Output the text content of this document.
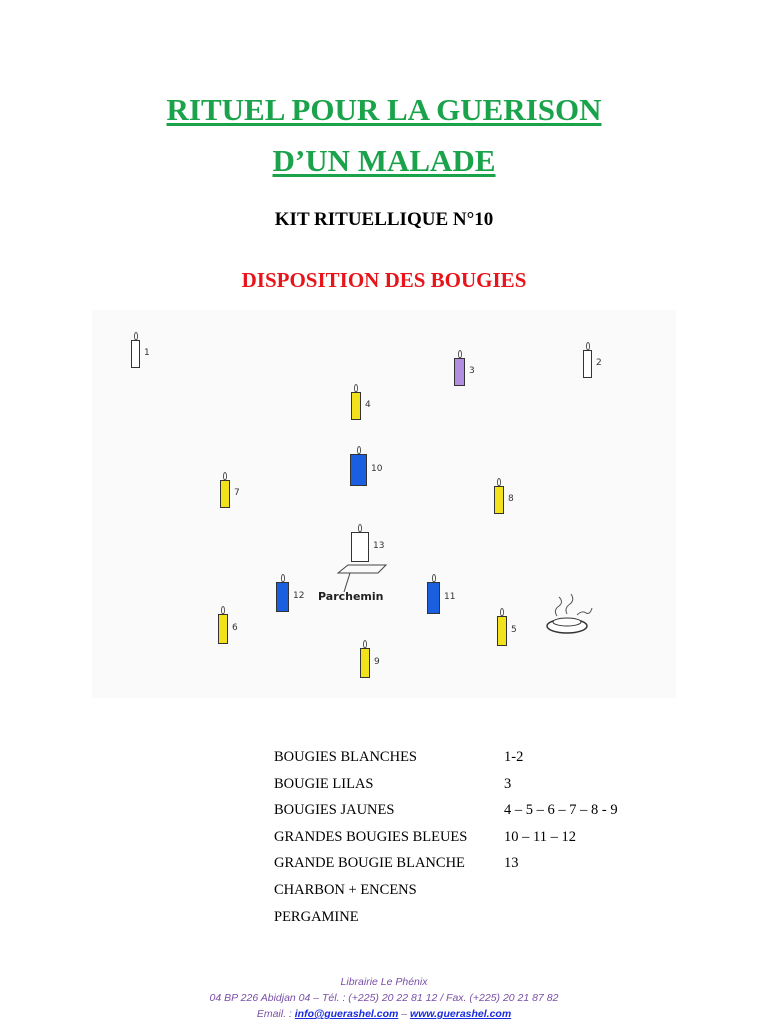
RITUEL POUR LA GUERISON
D’UN MALADE
KIT RITUELLIQUE N°10
DISPOSITION DES BOUGIES
Parchemin
1
2
3
4
10
7
8
13
12	11
6	5
9
BOUGIES BLANCHES	1-2
BOUGIE LILAS	3
BOUGIES JAUNES	4 – 5 – 6 – 7 – 8 - 9
GRANDES BOUGIES BLEUES	10 – 11 – 12
GRANDE BOUGIE BLANCHE	13
CHARBON + ENCENS
PERGAMINE
Librairie Le Phénix
04 BP 226 Abidjan 04 – Tél. : (+225) 20 22 81 12 / Fax. (+225) 20 21 87 82
Email. : info@guerashel.com – www.guerashel.com
